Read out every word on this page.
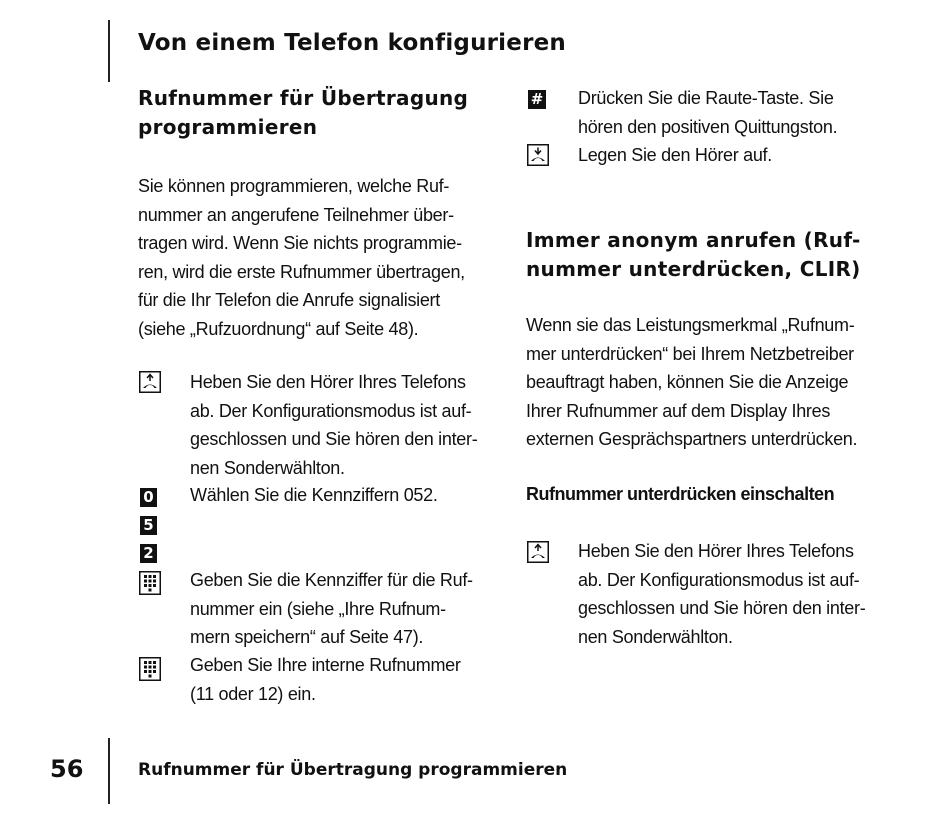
Von einem Telefon konfigurieren
Rufnummer für Übertragung
programmieren
Sie können programmieren, welche Ruf-
nummer an angerufene Teilnehmer über-
tragen wird. Wenn Sie nichts programmie-
ren, wird die erste Rufnummer übertragen,
für die Ihr Telefon die Anrufe signalisiert
(siehe „Rufzuordnung“ auf Seite 48).
Heben Sie den Hörer Ihres Telefons
ab. Der Konfigurationsmodus ist auf-
geschlossen und Sie hören den inter-
nen Sonderwählton.
0
5
2
Wählen Sie die Kennziffern 052.
Geben Sie die Kennziffer für die Ruf-
nummer ein (siehe „Ihre Rufnum-
mern speichern“ auf Seite 47).
Geben Sie Ihre interne Rufnummer
(11 oder 12) ein.
# Drücken Sie die Raute-Taste. Sie
hören den positiven Quittungston.
Legen Sie den Hörer auf.
Immer anonym anrufen (Ruf-
nummer unterdrücken, CLIR)
Wenn sie das Leistungsmerkmal „Rufnum-
mer unterdrücken“ bei Ihrem Netzbetreiber
beauftragt haben, können Sie die Anzeige
Ihrer Rufnummer auf dem Display Ihres
externen Gesprächspartners unterdrücken.
Rufnummer unterdrücken einschalten
Heben Sie den Hörer Ihres Telefons
ab. Der Konfigurationsmodus ist auf-
geschlossen und Sie hören den inter-
nen Sonderwählton.
56	Rufnummer für Übertragung programmieren
